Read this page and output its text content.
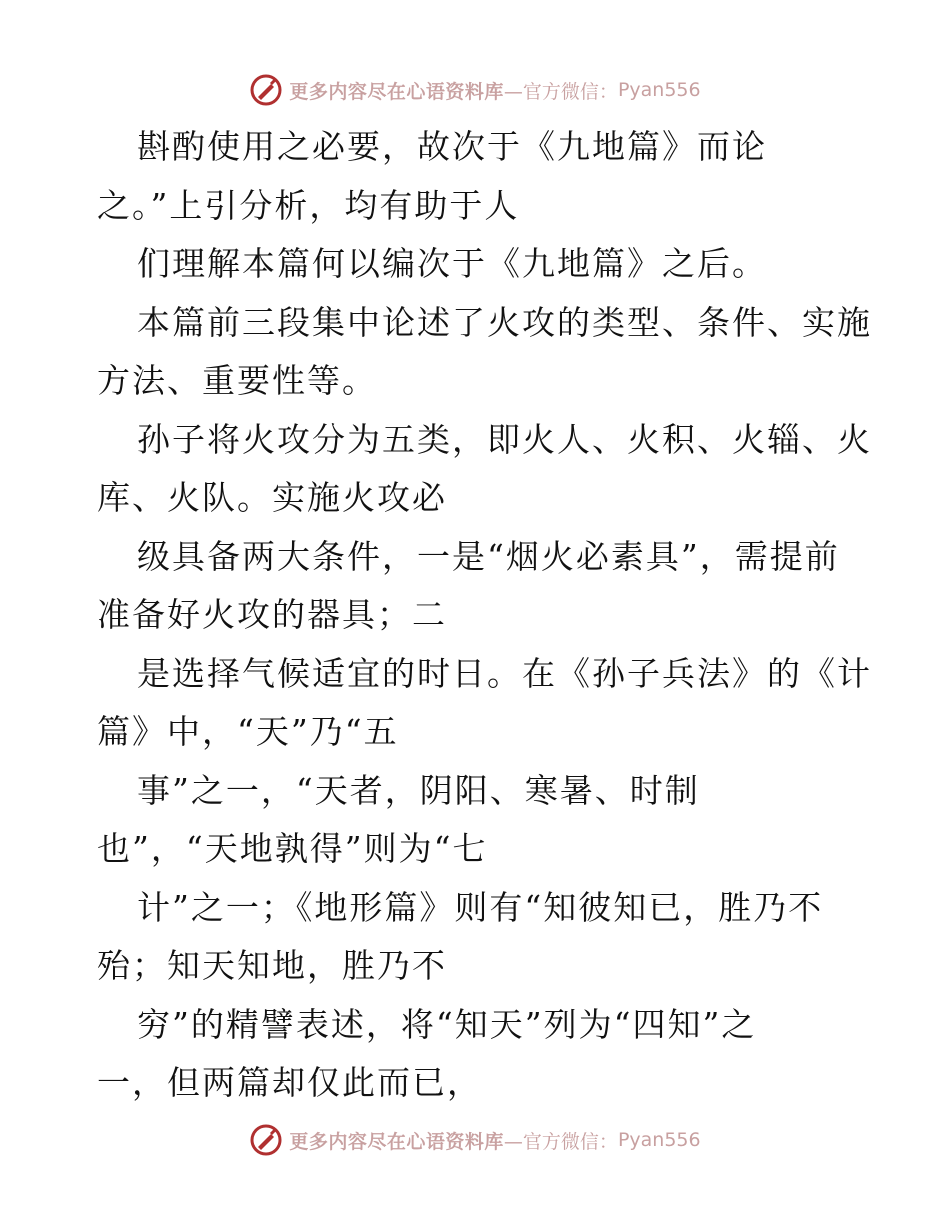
更多内容尽在心语资料库 —官方微信： Pyan556
斟酌使用之必要，故次于《九地篇》而论
之。”上引分析，均有助于人
们理解本篇何以编次于《九地篇》之后。
本篇前三段集中论述了火攻的类型、条件、实施
方法、重要性等。
孙子将火攻分为五类，即火人、火积、火辎、火
库、火队。实施火攻必
级具备两大条件，一是“烟火必素具”，需提前
准备好火攻的器具；二
是选择气候适宜的时日。在《孙子兵法》的《计
篇》中，“天”乃“五
事”之一，“天者，阴阳、寒暑、时制
也”，“天地孰得”则为“七
计”之一；《地形篇》则有“知彼知已，胜乃不
殆；知天知地，胜乃不
穷”的精譬表述，将“知天”列为“四知”之
一，但两篇却仅此而已，
更多内容尽在心语资料库 —官方微信： Pyan556
